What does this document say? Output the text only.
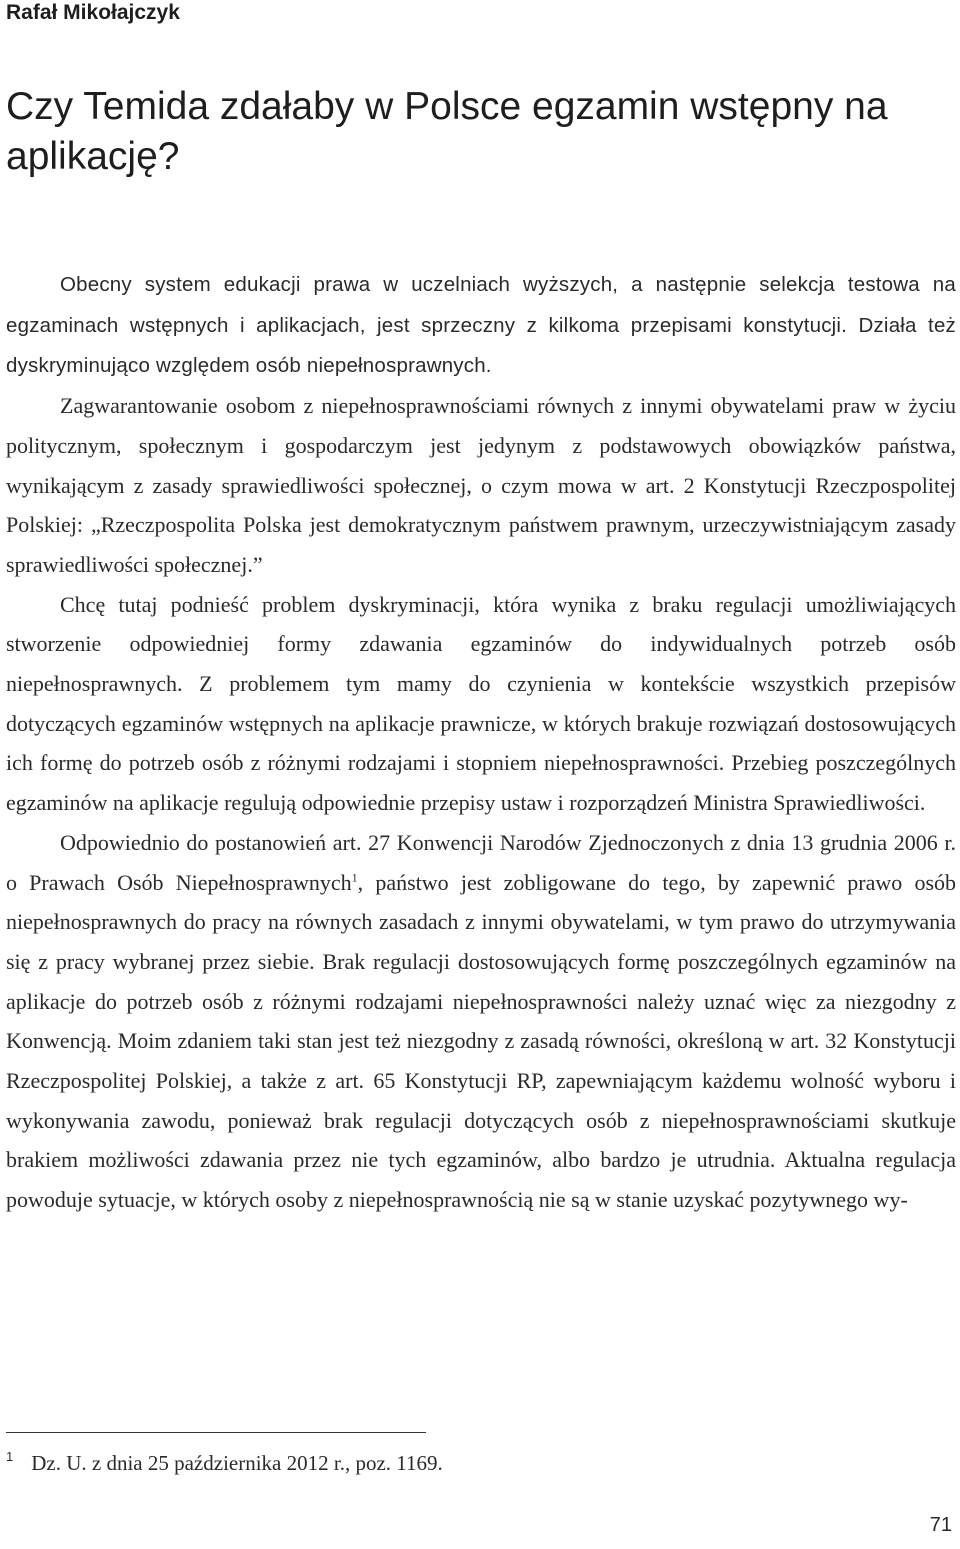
Rafał Mikołajczyk
Czy Temida zdałaby w Polsce egzamin wstępny na aplikację?

Obecny system edukacji prawa w uczelniach wyższych, a następnie selekcja testowa na egzaminach wstępnych i aplikacjach, jest sprzeczny z kilkoma przepisami konstytucji. Działa też dyskryminująco względem osób niepełnosprawnych.

Zagwarantowanie osobom z niepełnosprawnościami równych z innymi obywatelami praw w życiu politycznym, społecznym i gospodarczym jest jedynym z podstawowych obowiązków państwa, wynikającym z zasady sprawiedliwości społecznej, o czym mowa w art. 2 Konstytucji Rzeczpospolitej Polskiej: „Rzeczpospolita Polska jest demokratycznym państwem prawnym, urzeczywistniającym zasady sprawiedliwości społecznej.”

Chcę tutaj podnieść problem dyskryminacji, która wynika z braku regulacji umożliwiających stworzenie odpowiedniej formy zdawania egzaminów do indywidualnych potrzeb osób niepełnosprawnych. Z problemem tym mamy do czynienia w kontekście wszystkich przepisów dotyczących egzaminów wstępnych na aplikacje prawnicze, w których brakuje rozwiązań dostosowujących ich formę do potrzeb osób z różnymi rodzajami i stopniem niepełnosprawności. Przebieg poszczególnych egzaminów na aplikacje regulują odpowiednie przepisy ustaw i rozporządzeń Ministra Sprawiedliwości.

Odpowiednio do postanowień art. 27 Konwencji Narodów Zjednoczonych z dnia 13 grudnia 2006 r. o Prawach Osób Niepełnosprawnych$^1$, państwo jest zobligowane do tego, by zapewnić prawo osób niepełnosprawnych do pracy na równych zasadach z innymi obywatelami, w tym prawo do utrzymywania się z pracy wybranej przez siebie. Brak regulacji dostosowujących formę poszczególnych egzaminów na aplikacje do potrzeb osób z różnymi rodzajami niepełnosprawności należy uznać więc za niezgodny z Konwencją. Moim zdaniem taki stan jest też niezgodny z zasadą równości, określoną w art. 32 Konstytucji Rzeczpospolitej Polskiej, a także z art. 65 Konstytucji RP, zapewniającym każdemu wolność wyboru i wykonywania zawodu, ponieważ brak regulacji dotyczących osób z niepełnosprawnościami skutkuje brakiem możliwości zdawania przez nie tych egzaminów, albo bardzo je utrudnia. Aktualna regulacja powoduje sytuacje, w których osoby z niepełnosprawnością nie są w stanie uzyskać pozytywnego wy-

$^1$ Dz. U. z dnia 25 października 2012 r., poz. 1169.
71
